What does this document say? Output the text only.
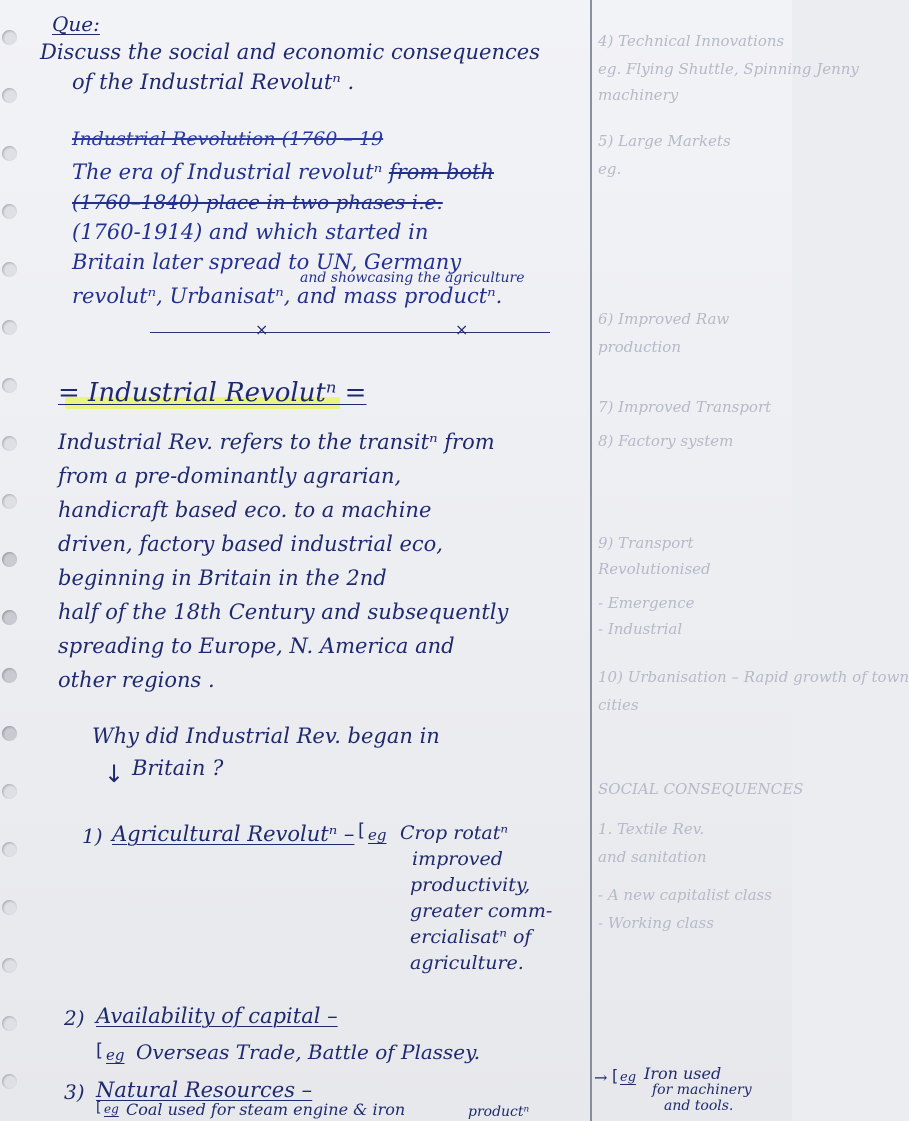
4) Technical Innovations
eg. Flying Shuttle, Spinning Jenny
machinery
5) Large Markets
eg.
6) Improved Raw
production
7) Improved Transport
8) Factory system
9) Transport
Revolutionised
- Emergence
- Industrial
10) Urbanisation – Rapid growth of town
cities
SOCIAL CONSEQUENCES
1. Textile Rev.
and sanitation
- A new capitalist class
- Working class
Que:
Discuss the social and economic consequences
of the Industrial Revolutⁿ .
Industrial Revolution (1760 – 19
The era of Industrial revolutⁿ from both
(1760–1840) place in two phases i.e.
(1760-1914) and which started in
Britain later spread to UN, Germany
and showcasing the agriculture
revolutⁿ, Urbanisatⁿ, and mass productⁿ.
×	×
= Industrial Revolutⁿ =
Industrial Rev. refers to the transitⁿ from
from a pre-dominantly agrarian,
handicraft based eco. to a machine
driven, factory based industrial eco,
beginning in Britain in the 2nd
half of the 18th Century and subsequently
spreading to Europe, N. America and
other regions .
Why did Industrial Rev. began in
Britain ?
↓
1) Agricultural Revolutⁿ – [ eg Crop rotatⁿ
improved
productivity,
greater comm-
ercialisatⁿ of
agriculture.
2) Availability of capital –
[ eg Overseas Trade, Battle of Plassey.
3) Natural Resources –
[ eg Coal used for steam engine & iron	productⁿ
→ [ eg Iron used
for machinery
and tools.
